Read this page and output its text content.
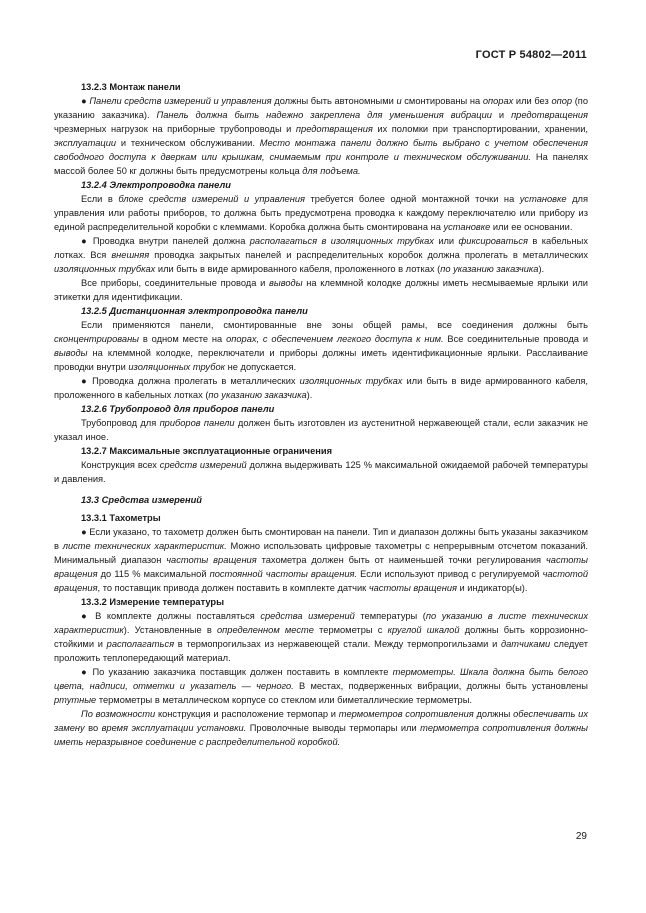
ГОСТ Р 54802—2011

13.2.3 Монтаж панели

● Панели средств измерений и управления должны быть автономными и смонтированы на опорах или без опор (по указанию заказчика). Панель должна быть надежно закреплена для уменьшения вибрации и предотвращения чрезмерных нагрузок на приборные трубопроводы и предотвращения их поломки при транспортировании, хранении, эксплуатации и техническом обслуживании. Место монтажа панели должно быть выбрано с учетом обеспечения свободного доступа к дверкам или крышкам, снимаемым при контроле и техническом обслуживании. На панелях массой более 50 кг должны быть предусмотрены кольца для подъема.

13.2.4 Электропроводка панели

Если в блоке средств измерений и управления требуется более одной монтажной точки на установке для управления или работы приборов, то должна быть предусмотрена проводка к каждому переключателю или прибору из единой распределительной коробки с клеммами. Коробка должна быть смонтирована на установке или ее основании.

● Проводка внутри панелей должна располагаться в изоляционных трубках или фиксироваться в кабельных лотках. Вся внешняя проводка закрытых панелей и распределительных коробок должна пролегать в металлических изоляционных трубках или быть в виде армированного кабеля, проложенного в лотках (по указанию заказчика).

Все приборы, соединительные провода и выводы на клеммной колодке должны иметь несмываемые ярлыки или этикетки для идентификации.

13.2.5 Дистанционная электропроводка панели

Если применяются панели, смонтированные вне зоны общей рамы, все соединения должны быть сконцентрированы в одном месте на опорах, с обеспечением легкого доступа к ним. Все соединительные провода и выводы на клеммной колодке, переключатели и приборы должны иметь идентификационные ярлыки. Расслаивание проводки внутри изоляционных трубок не допускается.

● Проводка должна пролегать в металлических изоляционных трубках или быть в виде армированного кабеля, проложенного в кабельных лотках (по указанию заказчика).

13.2.6 Трубопровод для приборов панели

Трубопровод для приборов панели должен быть изготовлен из аустенитной нержавеющей стали, если заказчик не указал иное.

13.2.7 Максимальные эксплуатационные ограничения

Конструкция всех средств измерений должна выдерживать 125 % максимальной ожидаемой рабочей температуры и давления.

13.3 Средства измерений

13.3.1 Тахометры

● Если указано, то тахометр должен быть смонтирован на панели. Тип и диапазон должны быть указаны заказчиком в листе технических характеристик. Можно использовать цифровые тахометры с непрерывным отсчетом показаний. Минимальный диапазон частоты вращения тахометра должен быть от наименьшей точки регулирования частоты вращения до 115 % максимальной постоянной частоты вращения. Если используют привод с регулируемой частотой вращения, то поставщик привода должен поставить в комплекте датчик частоты вращения и индикатор(ы).

13.3.2 Измерение температуры

● В комплекте должны поставляться средства измерений температуры (по указанию в листе технических характеристик). Установленные в определенном месте термометры с круглой шкалой должны быть коррозионно-стойкими и располагаться в термопрогильзах из нержавеющей стали. Между термопрогильзами и датчиками следует проложить теплопередающий материал.

● По указанию заказчика поставщик должен поставить в комплекте термометры. Шкала должна быть белого цвета, надписи, отметки и указатель — черного. В местах, подверженных вибрации, должны быть установлены ртутные термометры в металлическом корпусе со стеклом или биметаллические термометры.

По возможности конструкция и расположение термопар и термометров сопротивления должны обеспечивать их замену во время эксплуатации установки. Проволочные выводы термопары или термометра сопротивления должны иметь неразрывное соединение с распределительной коробкой.

29
